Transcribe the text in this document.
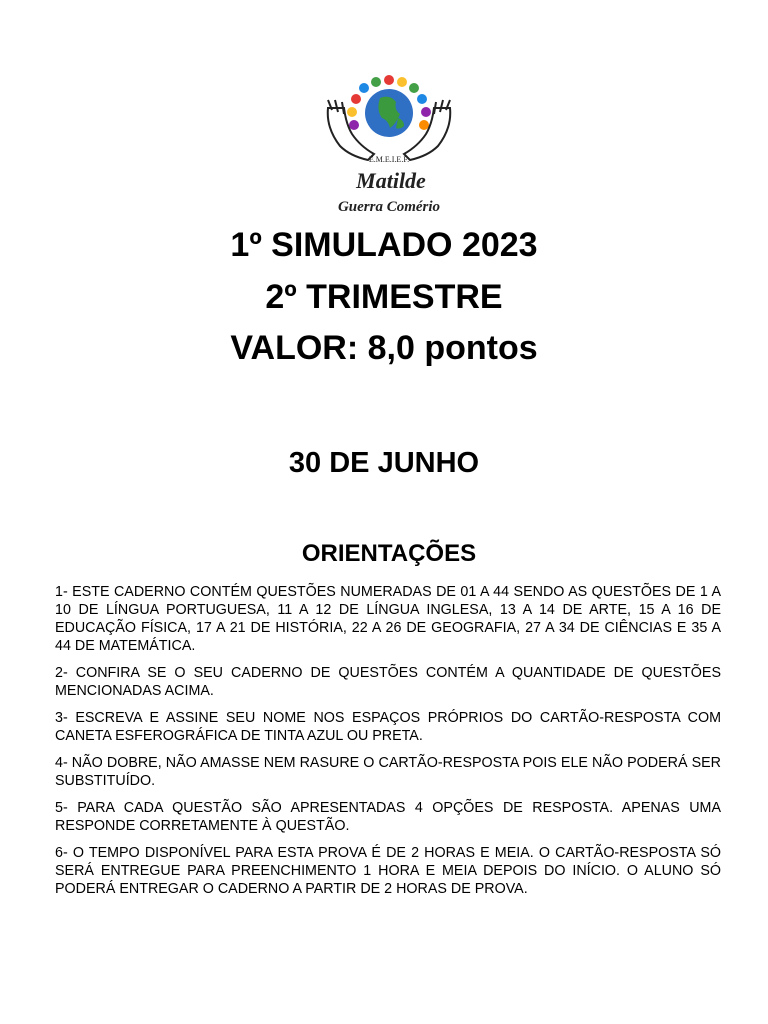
E.M.E.I.E.F.
Matilde
Guerra Comério
1º SIMULADO 2023
2º TRIMESTRE
VALOR: 8,0 pontos
30 DE JUNHO
ORIENTAÇÕES

1- ESTE CADERNO CONTÉM QUESTÕES NUMERADAS DE 01 A 44 SENDO AS QUESTÕES DE 1 A 10 DE LÍNGUA PORTUGUESA, 11 A 12 DE LÍNGUA INGLESA, 13 A 14 DE ARTE, 15 A 16 DE EDUCAÇÃO FÍSICA, 17 A 21 DE HISTÓRIA, 22 A 26 DE GEOGRAFIA, 27 A 34 DE CIÊNCIAS E 35 A 44 DE MATEMÁTICA.

2- CONFIRA SE O SEU CADERNO DE QUESTÕES CONTÉM A QUANTIDADE DE QUESTÕES MENCIONADAS ACIMA.

3- ESCREVA E ASSINE SEU NOME NOS ESPAÇOS PRÓPRIOS DO CARTÃO-RESPOSTA COM CANETA ESFEROGRÁFICA DE TINTA AZUL OU PRETA.

4- NÃO DOBRE, NÃO AMASSE NEM RASURE O CARTÃO-RESPOSTA POIS ELE NÃO PODERÁ SER SUBSTITUÍDO.

5- PARA CADA QUESTÃO SÃO APRESENTADAS 4 OPÇÕES DE RESPOSTA. APENAS UMA RESPONDE CORRETAMENTE À QUESTÃO.

6- O TEMPO DISPONÍVEL PARA ESTA PROVA É DE 2 HORAS E MEIA. O CARTÃO-RESPOSTA SÓ SERÁ ENTREGUE PARA PREENCHIMENTO 1 HORA E MEIA DEPOIS DO INÍCIO. O ALUNO SÓ PODERÁ ENTREGAR O CADERNO A PARTIR DE 2 HORAS DE PROVA.
